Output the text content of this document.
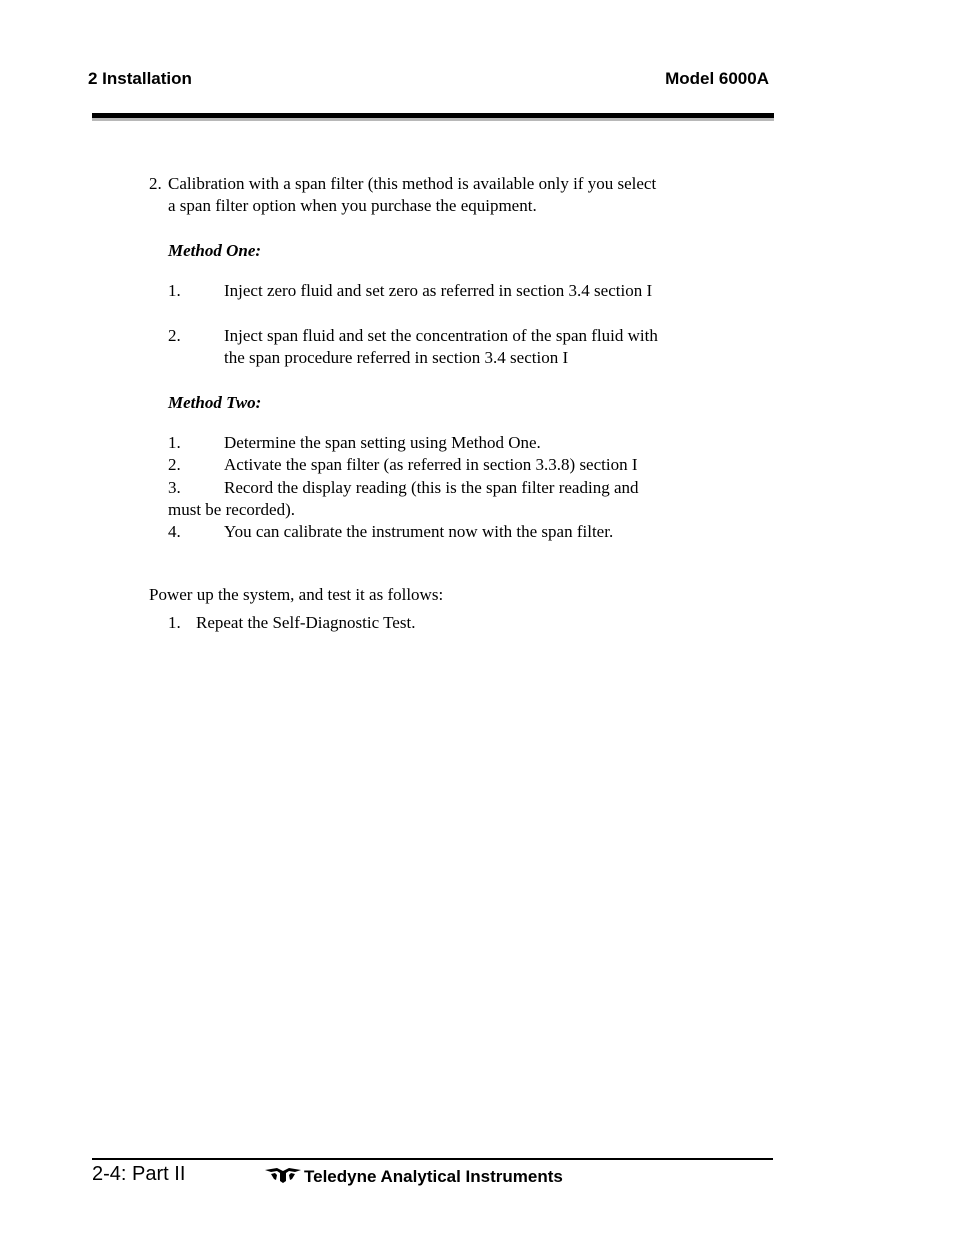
2 Installation	Model 6000A
2. Calibration with a span filter (this method is available only if you select
a span filter option when you purchase the equipment.
Method One:
1.	Inject zero fluid and set zero as referred in section 3.4 section I
2.	Inject span fluid and set the concentration of the span fluid with
the span procedure referred in section 3.4 section I
Method Two:
1.	Determine the span setting using Method One.
2.	Activate the span filter (as referred in section 3.3.8) section I
3.	Record the display reading (this is the span filter reading and
must be recorded).
4.	You can calibrate the instrument now with the span filter.
Power up the system, and test it as follows:
1. Repeat the Self-Diagnostic Test.
2-4: Part II	Teledyne Analytical Instruments
